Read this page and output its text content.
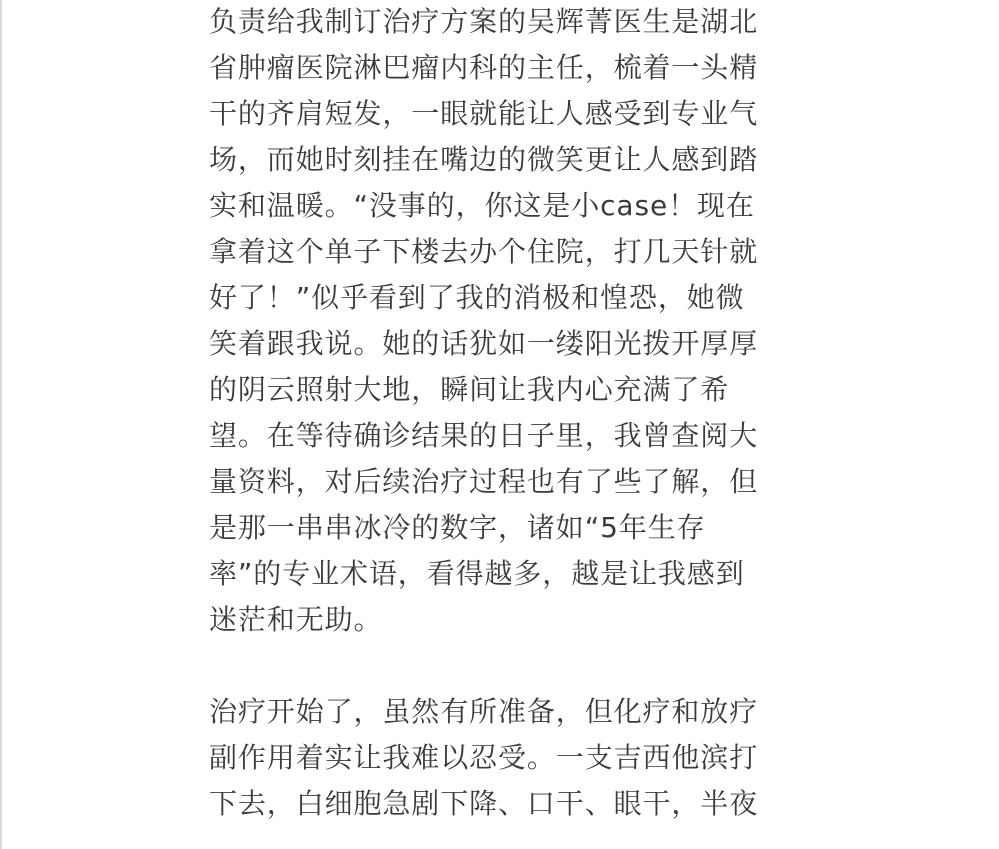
负责给我制订治疗方案的吴辉菁医生是湖北
省肿瘤医院淋巴瘤内科的主任，梳着一头精
干的齐肩短发，一眼就能让人感受到专业气
场，而她时刻挂在嘴边的微笑更让人感到踏
实和温暖。“没事的，你这是小case！现在
拿着这个单子下楼去办个住院，打几天针就
好了！”似乎看到了我的消极和惶恐，她微
笑着跟我说。她的话犹如一缕阳光拨开厚厚
的阴云照射大地，瞬间让我内心充满了希
望。在等待确诊结果的日子里，我曾查阅大
量资料，对后续治疗过程也有了些了解，但
是那一串串冰冷的数字，诸如“5年生存
率”的专业术语，看得越多，越是让我感到
迷茫和无助。

治疗开始了，虽然有所准备，但化疗和放疗
副作用着实让我难以忍受。一支吉西他滨打
下去，白细胞急剧下降、口干、眼干，半夜
